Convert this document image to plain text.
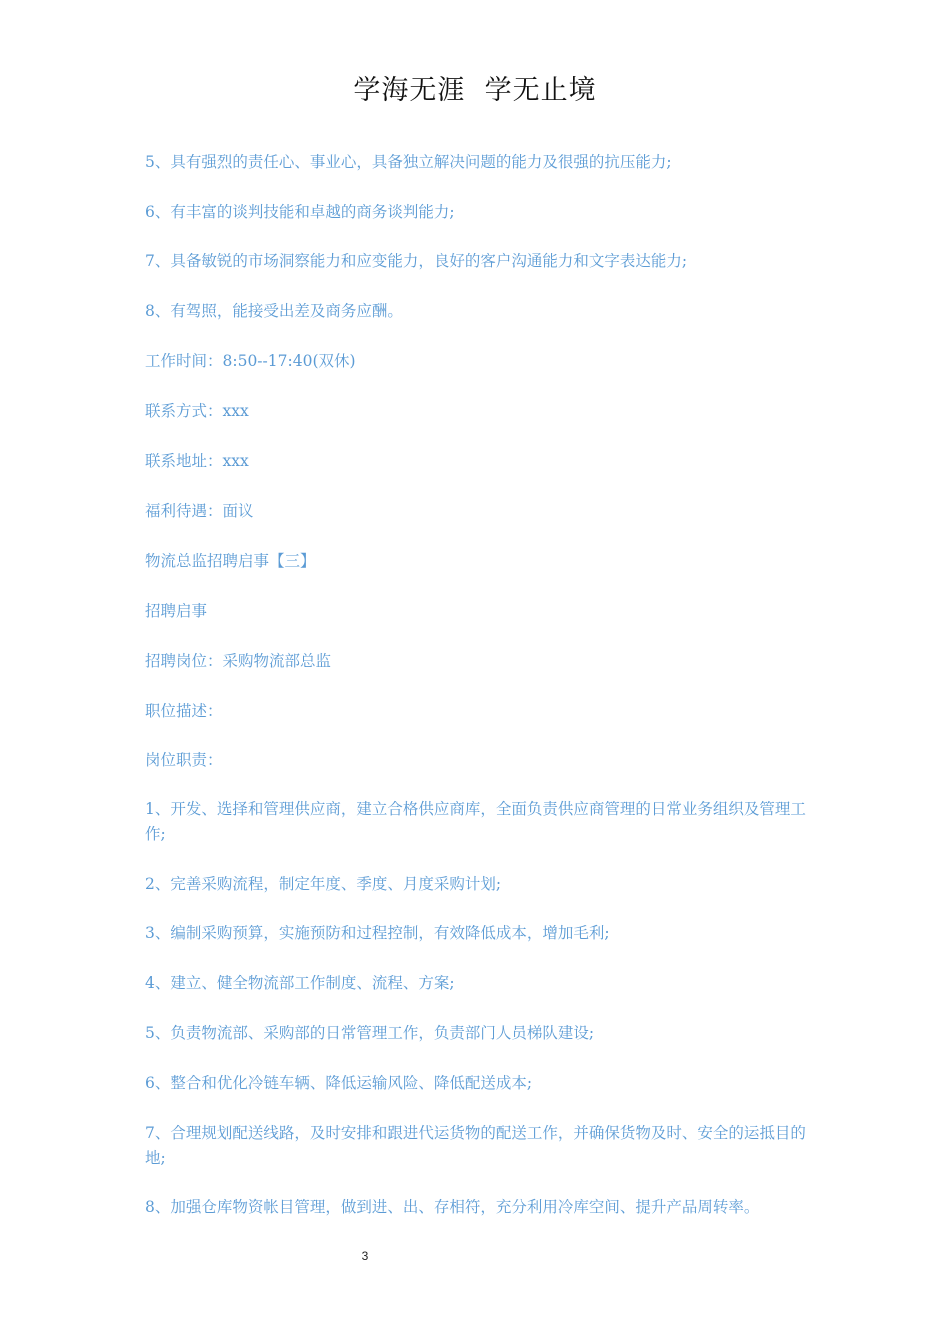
学海无涯  学无止境

5、具有强烈的责任心、事业心，具备独立解决问题的能力及很强的抗压能力;

6、有丰富的谈判技能和卓越的商务谈判能力;

7、具备敏锐的市场洞察能力和应变能力，良好的客户沟通能力和文字表达能力;

8、有驾照，能接受出差及商务应酬。

工作时间：8:50--17:40(双休)

联系方式：xxx

联系地址：xxx

福利待遇：面议

物流总监招聘启事【三】

招聘启事

招聘岗位：采购物流部总监

职位描述：

岗位职责：

1、开发、选择和管理供应商，建立合格供应商库，全面负责供应商管理的日常业务组织及管理工作;

2、完善采购流程，制定年度、季度、月度采购计划;

3、编制采购预算，实施预防和过程控制，有效降低成本，增加毛利;

4、建立、健全物流部工作制度、流程、方案;

5、负责物流部、采购部的日常管理工作，负责部门人员梯队建设;

6、整合和优化冷链车辆、降低运输风险、降低配送成本;

7、合理规划配送线路，及时安排和跟进代运货物的配送工作，并确保货物及时、安全的运抵目的地;

8、加强仓库物资帐目管理，做到进、出、存相符，充分利用冷库空间、提升产品周转率。

3
